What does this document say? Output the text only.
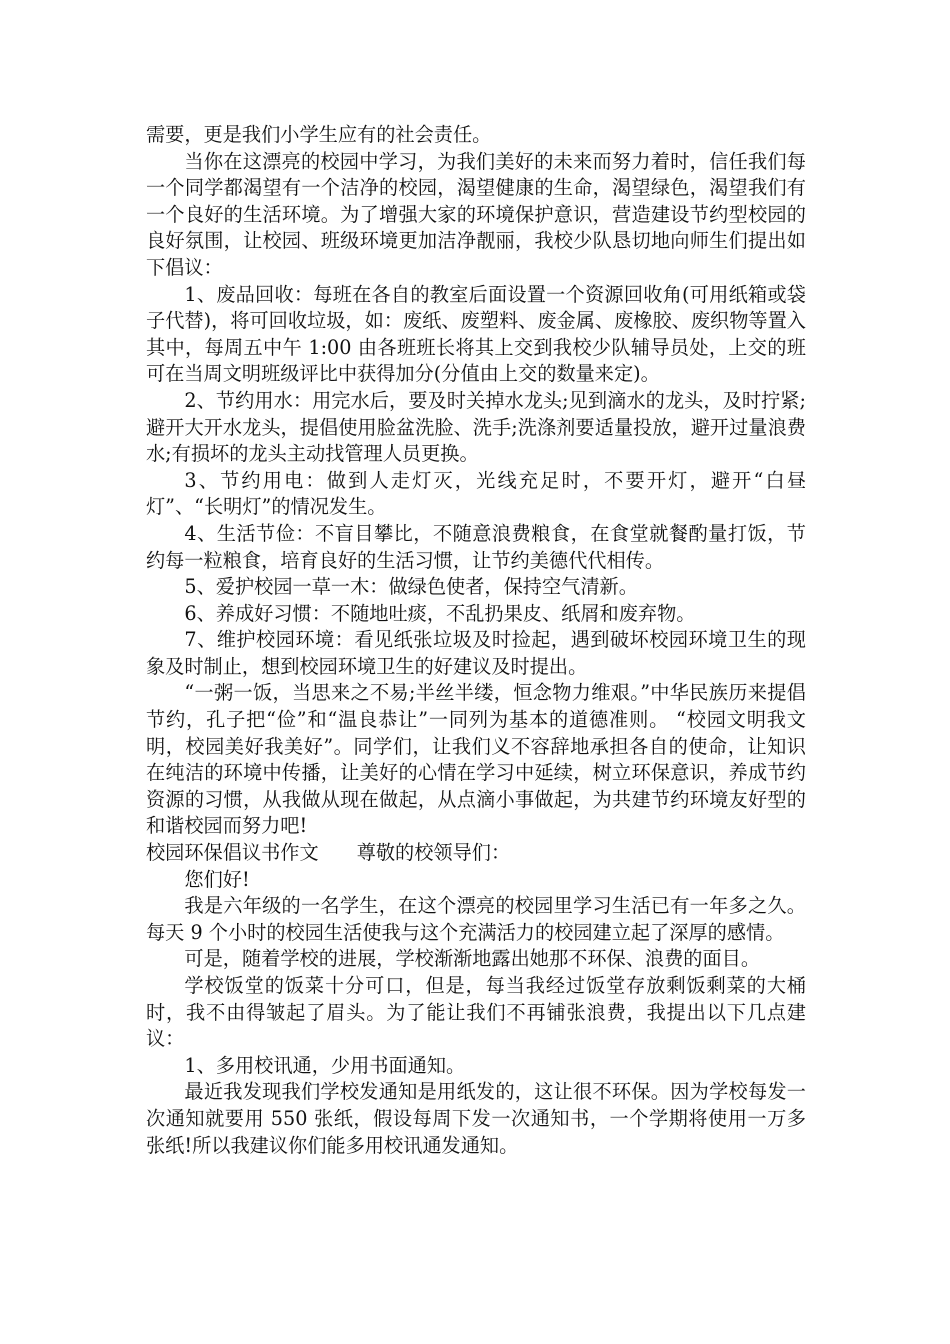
需要，更是我们小学生应有的社会责任。

当你在这漂亮的校园中学习，为我们美好的未来而努力着时，信任我们每一个同学都渴望有一个洁净的校园，渴望健康的生命，渴望绿色，渴望我们有一个良好的生活环境。为了增强大家的环境保护意识，营造建设节约型校园的良好氛围，让校园、班级环境更加洁净靓丽，我校少队恳切地向师生们提出如下倡议：

1、废品回收：每班在各自的教室后面设置一个资源回收角(可用纸箱或袋子代替)，将可回收垃圾，如：废纸、废塑料、废金属、废橡胶、废织物等置入其中，每周五中午 1:00 由各班班长将其上交到我校少队辅导员处，上交的班可在当周文明班级评比中获得加分(分值由上交的数量来定)。

2、节约用水：用完水后，要及时关掉水龙头;见到滴水的龙头，及时拧紧;避开大开水龙头，提倡使用脸盆洗脸、洗手;洗涤剂要适量投放，避开过量浪费水;有损坏的龙头主动找管理人员更换。

3、节约用电：做到人走灯灭，光线充足时，不要开灯，避开“白昼灯”、“长明灯”的情况发生。

4、生活节俭：不盲目攀比，不随意浪费粮食，在食堂就餐酌量打饭，节约每一粒粮食，培育良好的生活习惯，让节约美德代代相传。

5、爱护校园一草一木：做绿色使者，保持空气清新。

6、养成好习惯：不随地吐痰，不乱扔果皮、纸屑和废弃物。

7、维护校园环境：看见纸张垃圾及时捡起，遇到破坏校园环境卫生的现象及时制止，想到校园环境卫生的好建议及时提出。

“一粥一饭，当思来之不易;半丝半缕，恒念物力维艰。”中华民族历来提倡节约，孔子把“俭”和“温良恭让”一同列为基本的道德准则。 “校园文明我文明，校园美好我美好”。同学们，让我们义不容辞地承担各自的使命，让知识在纯洁的环境中传播，让美好的心情在学习中延续，树立环保意识，养成节约资源的习惯，从我做从现在做起，从点滴小事做起，为共建节约环境友好型的和谐校园而努力吧!

校园环保倡议书作文 尊敬的校领导们：

您们好!

我是六年级的一名学生，在这个漂亮的校园里学习生活已有一年多之久。每天 9 个小时的校园生活使我与这个充满活力的校园建立起了深厚的感情。

可是，随着学校的进展，学校渐渐地露出她那不环保、浪费的面目。

学校饭堂的饭菜十分可口，但是，每当我经过饭堂存放剩饭剩菜的大桶时，我不由得皱起了眉头。为了能让我们不再铺张浪费，我提出以下几点建议：

1、多用校讯通，少用书面通知。

最近我发现我们学校发通知是用纸发的，这让很不环保。因为学校每发一次通知就要用 550 张纸，假设每周下发一次通知书，一个学期将使用一万多张纸!所以我建议你们能多用校讯通发通知。
